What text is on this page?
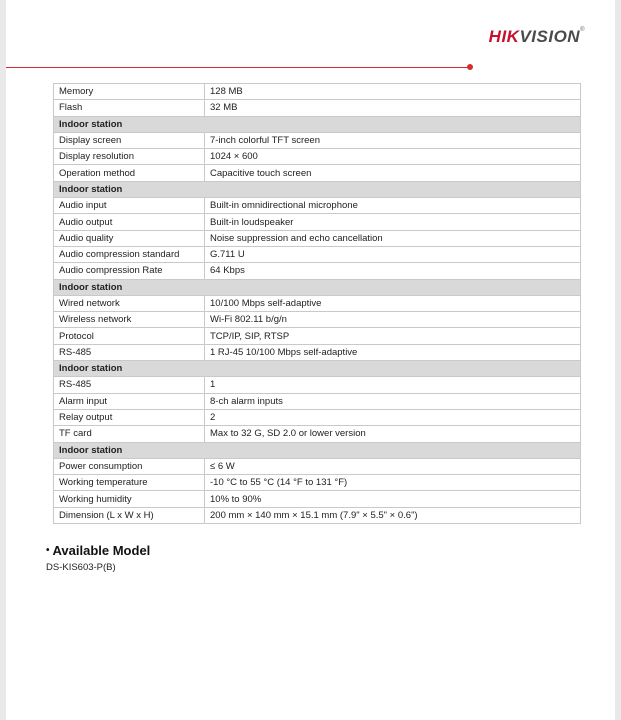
HIKVISION®
Memory	128 MB
Flash	32 MB
Indoor station	
Display screen	7-inch colorful TFT screen
Display resolution	1024 × 600
Operation method	Capacitive touch screen
Indoor station	
Audio input	Built-in omnidirectional microphone
Audio output	Built-in loudspeaker
Audio quality	Noise suppression and echo cancellation
Audio compression standard	G.711 U
Audio compression Rate	64 Kbps
Indoor station	
Wired network	10/100 Mbps self-adaptive
Wireless network	Wi-Fi 802.11 b/g/n
Protocol	TCP/IP, SIP, RTSP
RS-485	1 RJ-45 10/100 Mbps self-adaptive
Indoor station	
RS-485	1
Alarm input	8-ch alarm inputs
Relay output	2
TF card	Max to 32 G, SD 2.0 or lower version
Indoor station	
Power consumption	≤ 6 W
Working temperature	-10 °C to 55 °C (14 °F to 131 °F)
Working humidity	10% to 90%
Dimension (L x W x H)	200 mm × 140 mm × 15.1 mm (7.9" × 5.5" × 0.6")
• Available Model
DS-KIS603-P(B)
